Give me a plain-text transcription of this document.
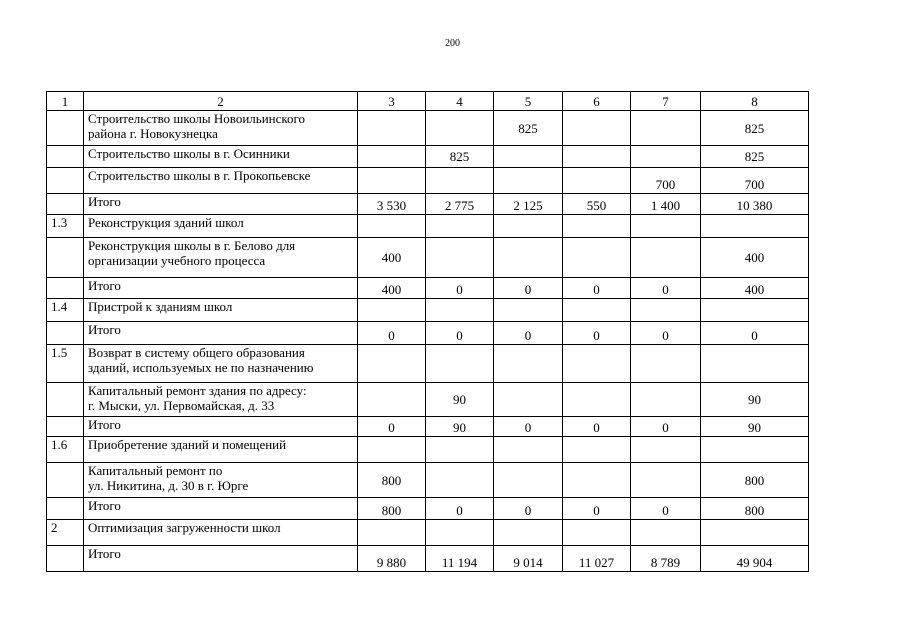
200
1	2	3	4	5	6	7	8

	Строительство школы Новоильинского
района г. Новокузнецка			825			825

	Строительство школы в г. Осинники		825				825

	Строительство школы в г. Прокопьевске					700	700

	Итого	3 530	2 775	2 125	550	1 400	10 380
1.3	Реконструкция зданий школ						

	Реконструкция школы в г. Белово для
организации учебного процесса	400					400

	Итого	400	0	0	0	0	400
1.4	Пристрой к зданиям школ						

	Итого	0	0	0	0	0	0
1.5	Возврат в систему общего образования
зданий, используемых не по назначению						

	Капитальный ремонт здания по адресу:
г. Мыски, ул. Первомайская, д. 33		90				90

	Итого	0	90	0	0	0	90
1.6	Приобретение зданий и помещений						

	Капитальный ремонт по
ул. Никитина, д. 30 в г. Юрге	800					800

	Итого	800	0	0	0	0	800
2	Оптимизация загруженности школ						

	Итого	9 880	11 194	9 014	11 027	8 789	49 904
